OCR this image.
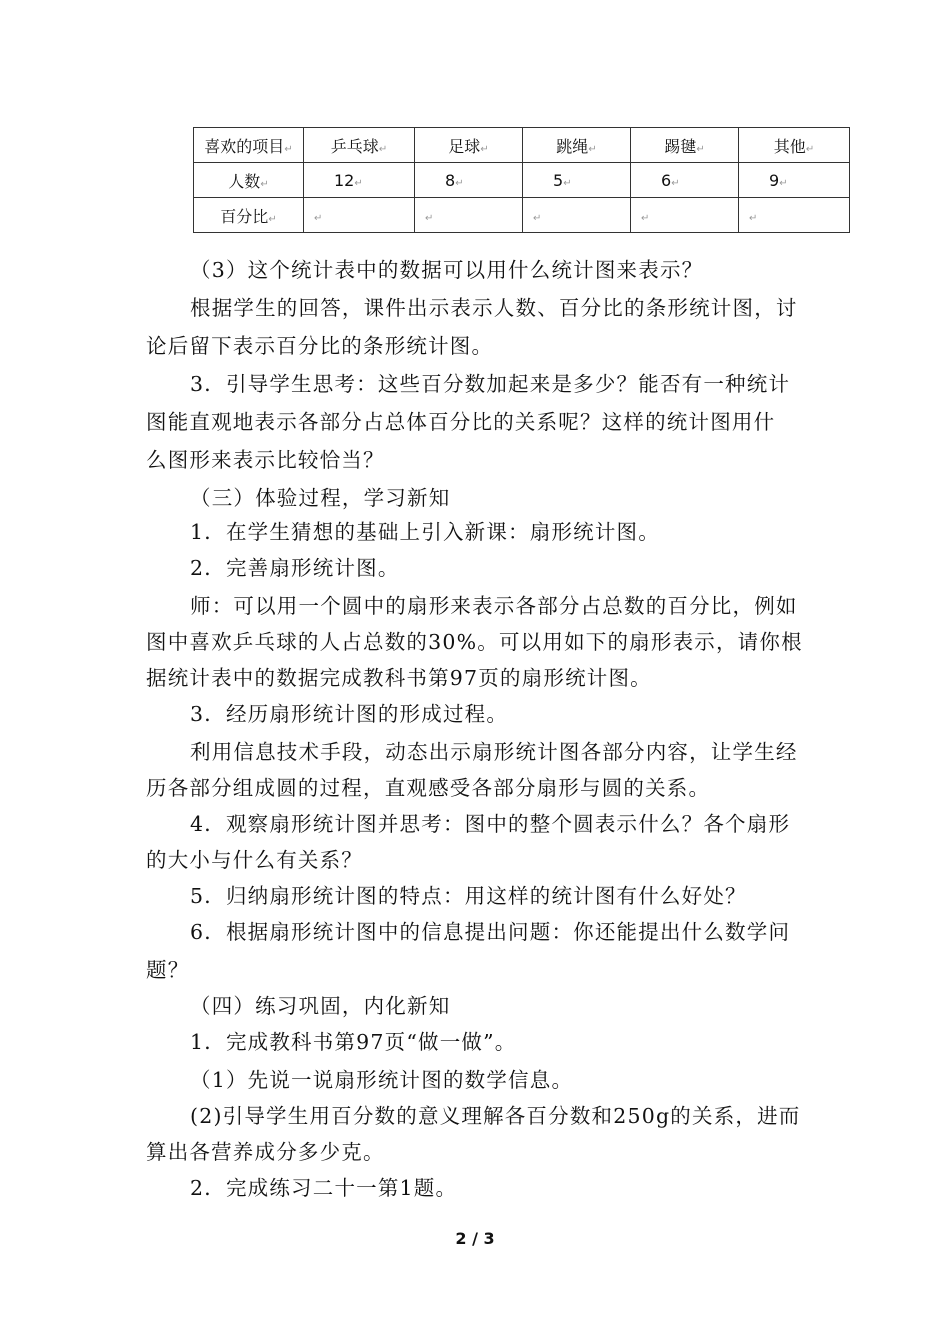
喜欢的项目↵	乒乓球↵	足球↵	跳绳↵	踢毽↵	其他↵
人数↵	12↵	8↵	5↵	6↵	9↵
百分比↵	↵	↵	↵	↵	↵

（3）这个统计表中的数据可以用什么统计图来表示？

根据学生的回答，课件出示表示人数、百分比的条形统计图，讨

论后留下表示百分比的条形统计图。

3．引导学生思考：这些百分数加起来是多少？能否有一种统计

图能直观地表示各部分占总体百分比的关系呢？这样的统计图用什

么图形来表示比较恰当？

（三）体验过程，学习新知

1．在学生猜想的基础上引入新课：扇形统计图。

2．完善扇形统计图。

师：可以用一个圆中的扇形来表示各部分占总数的百分比，例如

图中喜欢乒乓球的人占总数的30%。可以用如下的扇形表示，请你根

据统计表中的数据完成教科书第97页的扇形统计图。

3．经历扇形统计图的形成过程。

利用信息技术手段，动态出示扇形统计图各部分内容，让学生经

历各部分组成圆的过程，直观感受各部分扇形与圆的关系。

4．观察扇形统计图并思考：图中的整个圆表示什么？各个扇形

的大小与什么有关系？

5．归纳扇形统计图的特点：用这样的统计图有什么好处？

6．根据扇形统计图中的信息提出问题：你还能提出什么数学问

题？

（四）练习巩固，内化新知

1．完成教科书第97页“做一做”。

（1）先说一说扇形统计图的数学信息。

(2)引导学生用百分数的意义理解各百分数和250g的关系，进而

算出各营养成分多少克。

2．完成练习二十一第1题。

2 / 3
